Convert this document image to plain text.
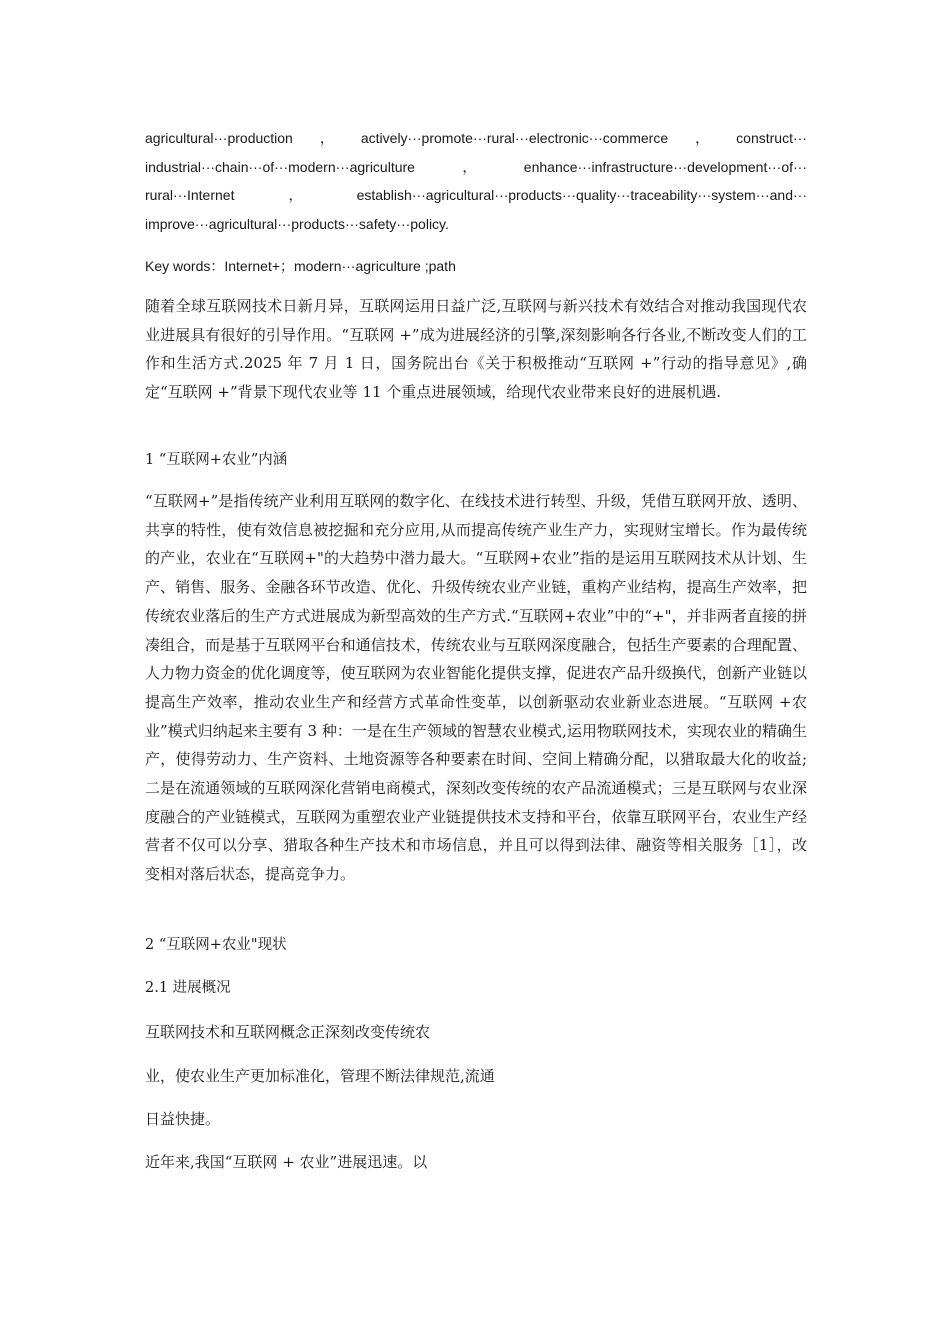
agricultural···production ， actively···promote···rural···electronic···commerce ， construct···
industrial···chain···of···modern···agriculture	，	enhance···infrastructure···development···of···
rural···Internet	，	establish···agricultural···products···quality···traceability···system···and···
improve···agricultural···products···safety···policy.
Key words：Internet+；modern···agriculture ;path

随着全球互联网技术日新月异，互联网运用日益广泛,互联网与新兴技术有效结合对推动我国现代农业进展具有很好的引导作用。“互联网 +”成为进展经济的引擎,深刻影响各行各业,不断改变人们的工作和生活方式.2025 年 7 月 1 日，国务院出台《关于积极推动“互联网 +”行动的指导意见》,确定“互联网 +”背景下现代农业等 11 个重点进展领域，给现代农业带来良好的进展机遇.

1 “互联网+农业”内涵

“互联网+”是指传统产业利用互联网的数字化、在线技术进行转型、升级，凭借互联网开放、透明、共享的特性，使有效信息被挖掘和充分应用,从而提高传统产业生产力，实现财宝增长。作为最传统的产业，农业在“互联网+"的大趋势中潜力最大。“互联网+农业”指的是运用互联网技术从计划、生产、销售、服务、金融各环节改造、优化、升级传统农业产业链，重构产业结构，提高生产效率，把传统农业落后的生产方式进展成为新型高效的生产方式.“互联网+农业”中的“+"，并非两者直接的拼凑组合，而是基于互联网平台和通信技术，传统农业与互联网深度融合，包括生产要素的合理配置、人力物力资金的优化调度等，使互联网为农业智能化提供支撑，促进农产品升级换代，创新产业链以提高生产效率，推动农业生产和经营方式革命性变革，以创新驱动农业新业态进展。“互联网 +农业”模式归纳起来主要有 3 种：一是在生产领域的智慧农业模式,运用物联网技术，实现农业的精确生产，使得劳动力、生产资料、土地资源等各种要素在时间、空间上精确分配，以猎取最大化的收益;二是在流通领域的互联网深化营销电商模式，深刻改变传统的农产品流通模式；三是互联网与农业深度融合的产业链模式，互联网为重塑农业产业链提供技术支持和平台，依靠互联网平台，农业生产经营者不仅可以分享、猎取各种生产技术和市场信息，并且可以得到法律、融资等相关服务［1］，改变相对落后状态，提高竞争力。

2 “互联网+农业"现状

2.1 进展概况

互联网技术和互联网概念正深刻改变传统农

业，使农业生产更加标准化，管理不断法律规范,流通

日益快捷。

近年来,我国“互联网 + 农业”进展迅速。以
